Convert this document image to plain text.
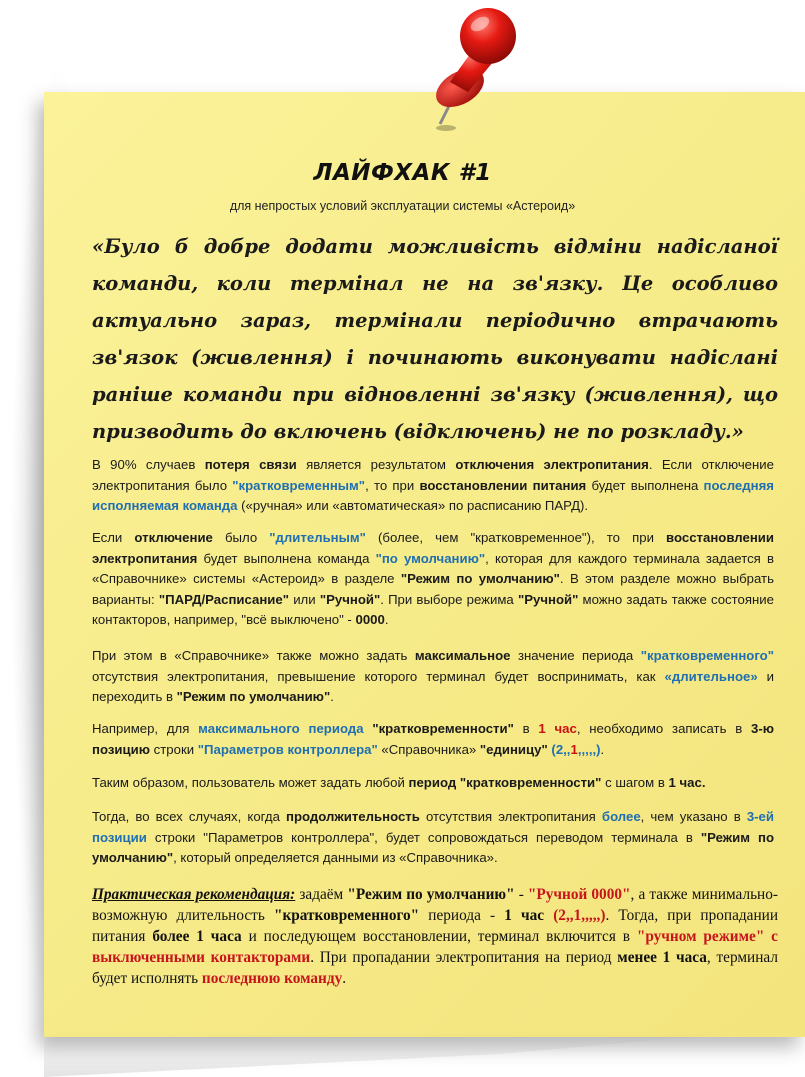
ЛАЙФХАК #1
для непростых условий эксплуатации системы «Астероид»
«Було б добре додати можливість відміни надісланої команди, коли термінал не на зв'язку. Це особливо актуально зараз, термінали періодично втрачають зв'язок (живлення) і починають виконувати надіслані раніше команди при відновленні зв'язку (живлення), що призводить до включень (відключень) не по розкладу.»
В 90% случаев потеря связи является результатом отключения электропитания. Если отключение электропитания было "кратковременным", то при восстановлении питания будет выполнена последняя исполняемая команда («ручная» или «автоматическая» по расписанию ПАРД).
Если отключение было "длительным" (более, чем "кратковременное"), то при восстановлении электропитания будет выполнена команда "по умолчанию", которая для каждого терминала задается в «Справочнике» системы «Астероид» в разделе "Режим по умолчанию". В этом разделе можно выбрать варианты: "ПАРД/Расписание" или "Ручной". При выборе режима "Ручной" можно задать также состояние контакторов, например, "всё выключено" - 0000.
При этом в «Справочнике» также можно задать максимальное значение периода "кратковременного" отсутствия электропитания, превышение которого терминал будет воспринимать, как «длительное» и переходить в "Режим по умолчанию".
Например, для максимального периода "кратковременности" в 1 час, необходимо записать в 3-ю позицию строки "Параметров контроллера" «Справочника» "единицу" (2,,1,,,,,).
Таким образом, пользователь может задать любой период "кратковременности" с шагом в 1 час.
Тогда, во всех случаях, когда продолжительность отсутствия электропитания более, чем указано в 3-ей позиции строки "Параметров контроллера", будет сопровождаться переводом терминала в "Режим по умолчанию", который определяется данными из «Справочника».
Практическая рекомендация: задаём "Режим по умолчанию" - "Ручной 0000", а также минимально-возможную длительность "кратковременного" периода - 1 час (2,,1,,,,,). Тогда, при пропадании питания более 1 часа и последующем восстановлении, терминал включится в "ручном режиме" с выключенными контакторами. При пропадании электропитания на период менее 1 часа, терминал будет исполнять последнюю команду.
